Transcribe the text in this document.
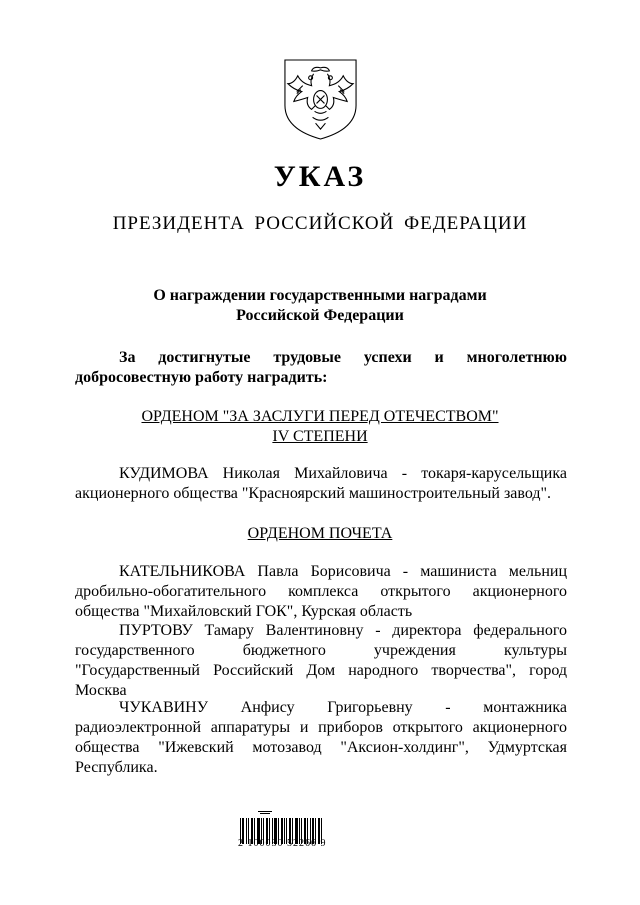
УКАЗ
ПРЕЗИДЕНТА РОССИЙСКОЙ ФЕДЕРАЦИИ
О награждении государственными наградами
Российской Федерации
За достигнутые трудовые успехи и многолетнюю
добросовестную работу наградить:
ОРДЕНОМ "ЗА ЗАСЛУГИ ПЕРЕД ОТЕЧЕСТВОМ"
IV СТЕПЕНИ
КУДИМОВА Николая Михайловича - токаря-карусельщика
акционерного общества "Красноярский машиностроительный завод".
ОРДЕНОМ ПОЧЕТА
КАТЕЛЬНИКОВА Павла Борисовича - машиниста мельниц
дробильно-обогатительного комплекса открытого акционерного
общества "Михайловский ГОК", Курская область
ПУРТОВУ Тамару Валентиновну - директора федерального
государственного бюджетного учреждения культуры
"Государственный Российский Дом народного творчества", город
Москва
ЧУКАВИНУ Анфису Григорьевну - монтажника
радиоэлектронной аппаратуры и приборов открытого акционерного
общества "Ижевский мотозавод "Аксион-холдинг", Удмуртская
Республика.
2 100030 52266 9
